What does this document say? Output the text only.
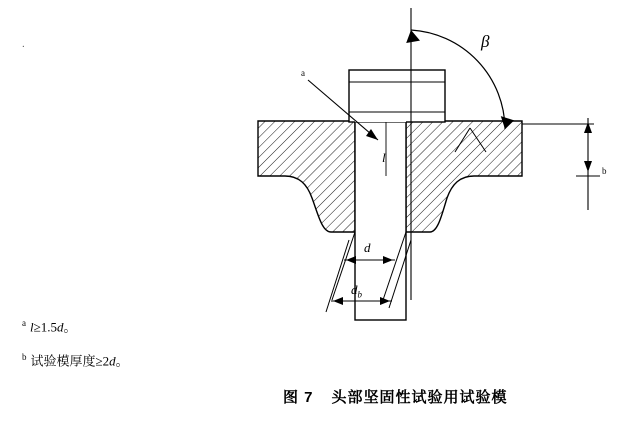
.	β
l
a
b
d
$d_b$
$^a$ l≥1.5d。
$^b$ 试验模厚度≥2d。
图 7 头部坚固性试验用试验模
